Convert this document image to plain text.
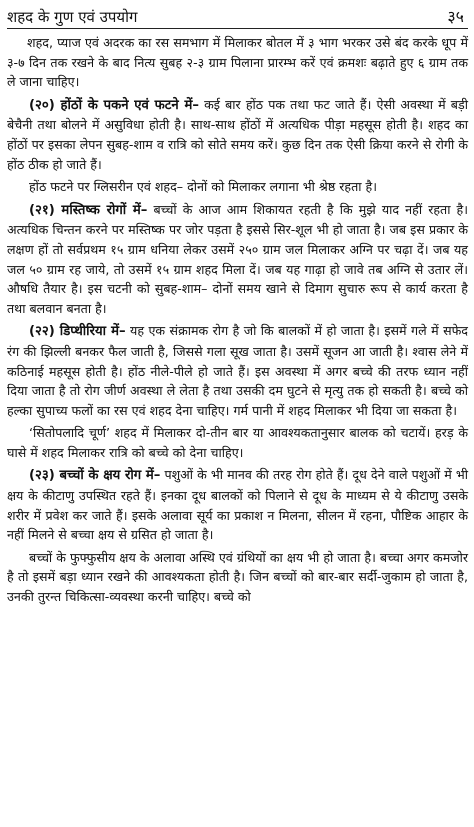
शहद के गुण एवं उपयोग	३५

शहद, प्याज एवं अदरक का रस समभाग में मिलाकर बोतल में ३ भाग भरकर उसे बंद करके धूप में ३-७ दिन तक रखने के बाद नित्य सुबह २-३ ग्राम पिलाना प्रारम्भ करें एवं क्रमशः बढ़ाते हुए ६ ग्राम तक ले जाना चाहिए।

(२०) होंठों के पकने एवं फटने में– कई बार होंठ पक तथा फट जाते हैं। ऐसी अवस्था में बड़ी बेचैनी तथा बोलने में असुविधा होती है। साथ-साथ होंठों में अत्यधिक पीड़ा महसूस होती है। शहद का होंठों पर इसका लेपन सुबह-शाम व रात्रि को सोते समय करें। कुछ दिन तक ऐसी क्रिया करने से रोगी के होंठ ठीक हो जाते हैं।

होंठ फटने पर ग्लिसरीन एवं शहद– दोनों को मिलाकर लगाना भी श्रेष्ठ रहता है।

(२१) मस्तिष्क रोगों में– बच्चों के आज आम शिकायत रहती है कि मुझे याद नहीं रहता है। अत्यधिक चिन्तन करने पर मस्तिष्क पर जोर पड़ता है इससे सिर-शूल भी हो जाता है। जब इस प्रकार के लक्षण हों तो सर्वप्रथम १५ ग्राम धनिया लेकर उसमें २५० ग्राम जल मिलाकर अग्नि पर चढ़ा दें। जब यह जल ५० ग्राम रह जाये, तो उसमें १५ ग्राम शहद मिला दें। जब यह गाढ़ा हो जावे तब अग्नि से उतार लें। औषधि तैयार है। इस चटनी को सुबह-शाम– दोनों समय खाने से दिमाग सुचारु रूप से कार्य करता है तथा बलवान बनता है।

(२२) डिप्थीरिया में– यह एक संक्रामक रोग है जो कि बालकों में हो जाता है। इसमें गले में सफेद रंग की झिल्ली बनकर फैल जाती है, जिससे गला सूख जाता है। उसमें सूजन आ जाती है। श्वास लेने में कठिनाई महसूस होती है। होंठ नीले-पीले हो जाते हैं। इस अवस्था में अगर बच्चे की तरफ ध्यान नहीं दिया जाता है तो रोग जीर्ण अवस्था ले लेता है तथा उसकी दम घुटने से मृत्यु तक हो सकती है। बच्चे को हल्का सुपाच्य फलों का रस एवं शहद देना चाहिए। गर्म पानी में शहद मिलाकर भी दिया जा सकता है।

‘सितोपलादि चूर्ण’ शहद में मिलाकर दो-तीन बार या आवश्यकतानुसार बालक को चटायें। हरड़ के घासे में शहद मिलाकर रात्रि को बच्चे को देना चाहिए।

(२३) बच्चों के क्षय रोग में– पशुओं के भी मानव की तरह रोग होते हैं। दूध देने वाले पशुओं में भी क्षय के कीटाणु उपस्थित रहते हैं। इनका दूध बालकों को पिलाने से दूध के माध्यम से ये कीटाणु उसके शरीर में प्रवेश कर जाते हैं। इसके अलावा सूर्य का प्रकाश न मिलना, सीलन में रहना, पौष्टिक आहार के नहीं मिलने से बच्चा क्षय से ग्रसित हो जाता है।

बच्चों के फुफ्फुसीय क्षय के अलावा अस्थि एवं ग्रंथियों का क्षय भी हो जाता है। बच्चा अगर कमजोर है तो इसमें बड़ा ध्यान रखने की आवश्यकता होती है। जिन बच्चों को बार-बार सर्दी-जुकाम हो जाता है, उनकी तुरन्त चिकित्सा-व्यवस्था करनी चाहिए। बच्चे को
